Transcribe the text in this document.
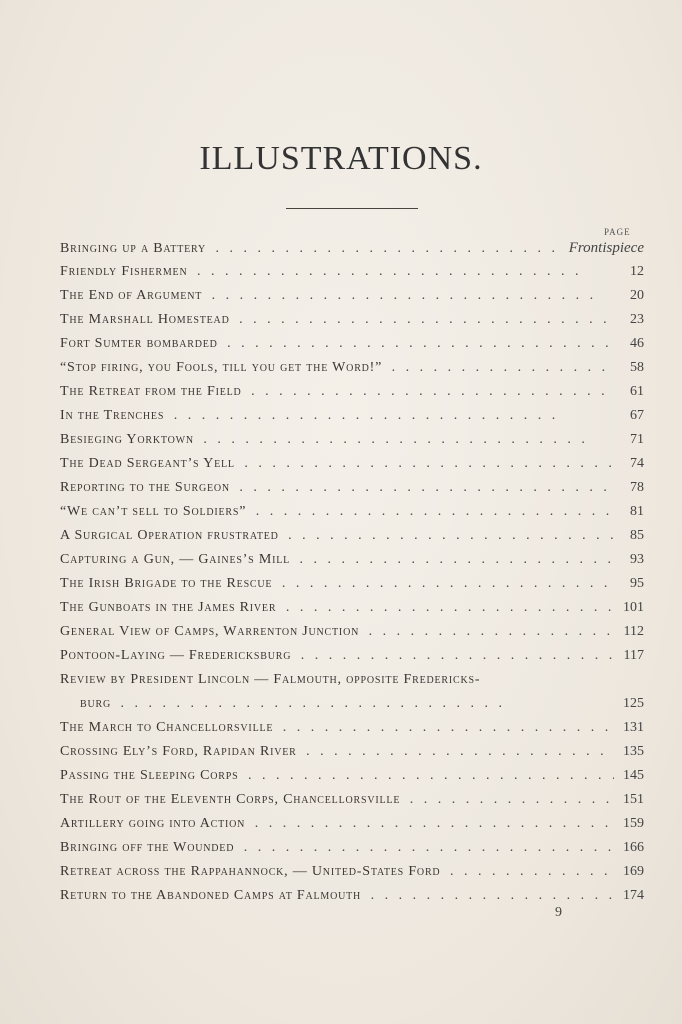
ILLUSTRATIONS.
PAGE
Bringing up a Battery . .	Frontispiece
Friendly Fishermen . .	12
The End of Argument . .	20
The Marshall Homestead . .	23
Fort Sumter bombarded . .	46
“Stop firing, you Fools, till you get the Word!” . .	58
The Retreat from the Field . .	61
In the Trenches . .	67
Besieging Yorktown . .	71
The Dead Sergeant’s Yell . .	74
Reporting to the Surgeon . .	78
“We can’t sell to Soldiers” . .	81
A Surgical Operation frustrated . .	85
Capturing a Gun, — Gaines’s Mill . .	93
The Irish Brigade to the Rescue . .	95
The Gunboats in the James River . .	101
General View of Camps, Warrenton Junction . .	112
Pontoon-Laying — Fredericksburg . .	117
Review by President Lincoln — Falmouth, opposite Fredericks-
burg . .	125
The March to Chancellorsville . .	131
Crossing Ely’s Ford, Rapidan River . .	135
Passing the Sleeping Corps . .	145
The Rout of the Eleventh Corps, Chancellorsville . .	151
Artillery going into Action . .	159
Bringing off the Wounded . .	166
Retreat across the Rappahannock, — United-States Ford . .	169
Return to the Abandoned Camps at Falmouth . .	174
9
